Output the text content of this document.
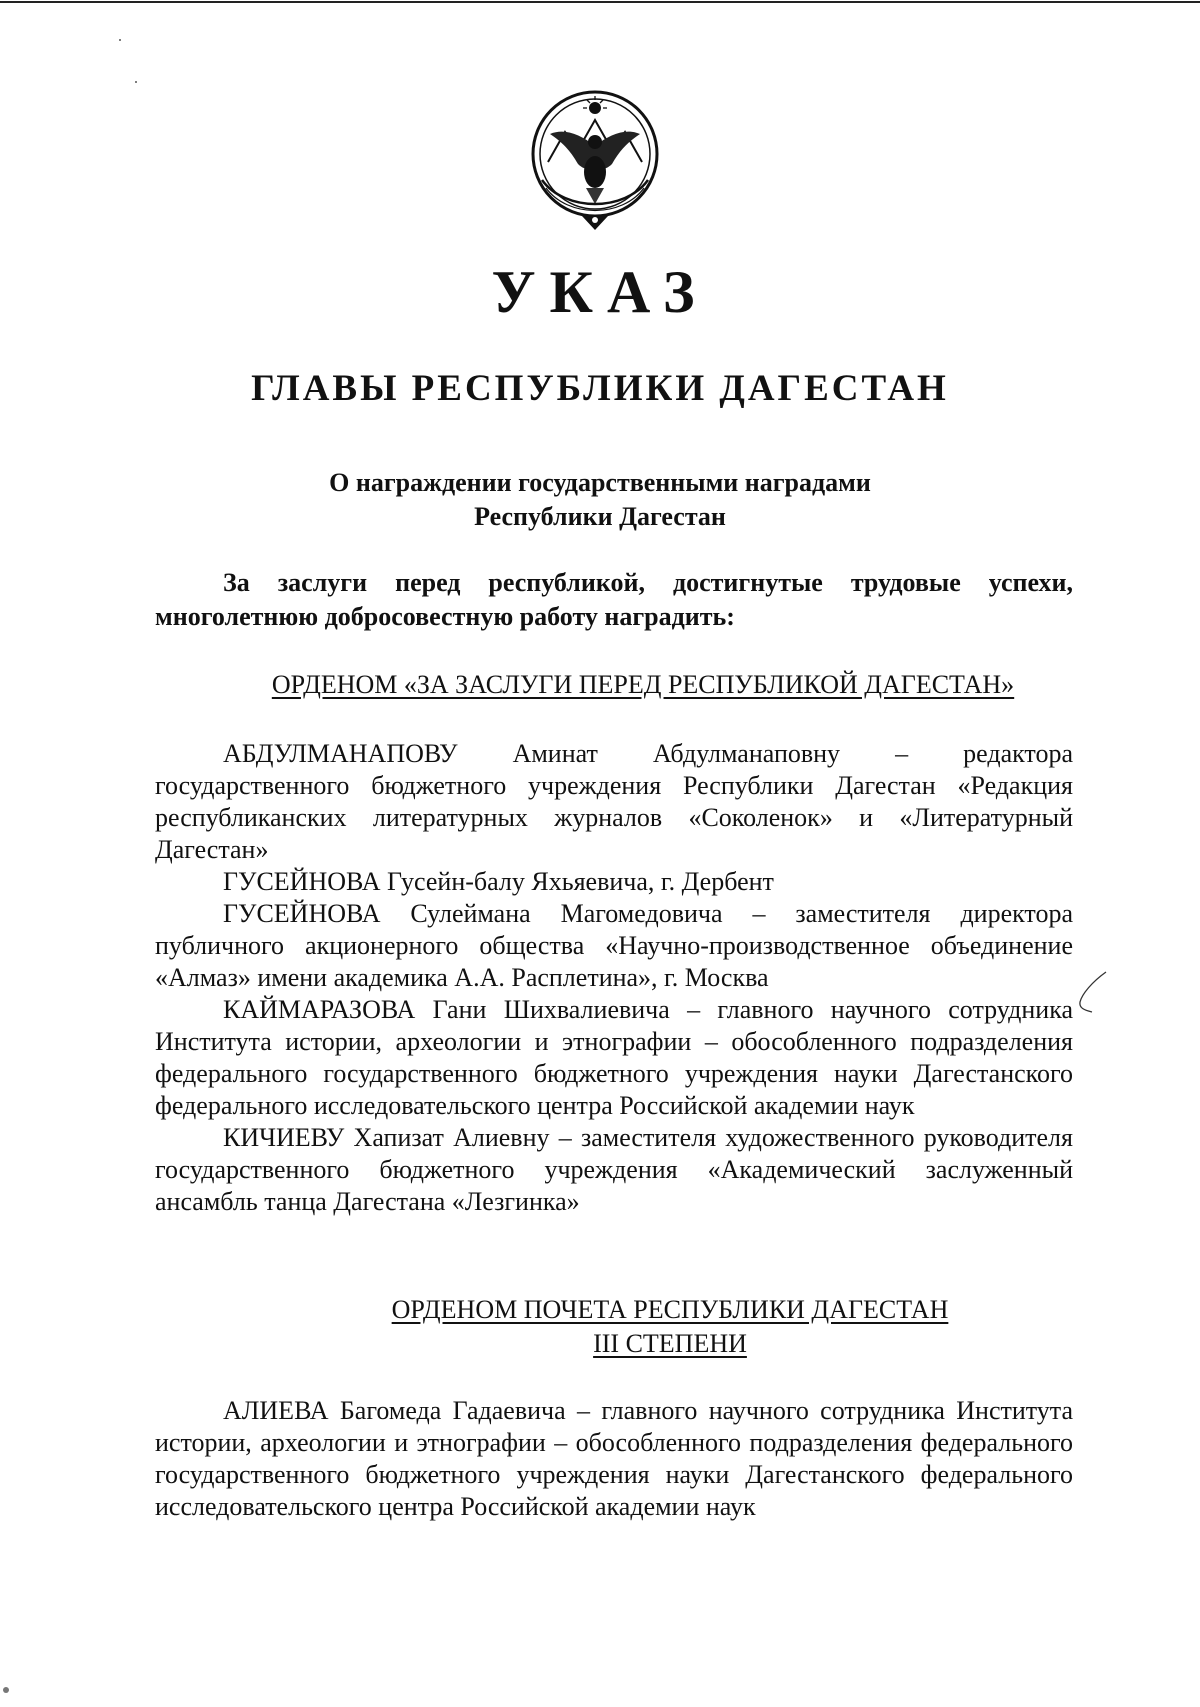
УКАЗ
ГЛАВЫ РЕСПУБЛИКИ ДАГЕСТАН
О награждении государственными наградами
Республики Дагестан
За заслуги перед республикой, достигнутые трудовые успехи, многолетнюю добросовестную работу наградить:
ОРДЕНОМ «ЗА ЗАСЛУГИ ПЕРЕД РЕСПУБЛИКОЙ ДАГЕСТАН»

АБДУЛМАНАПОВУ Аминат Абдулманаповну – редактора государственного бюджетного учреждения Республики Дагестан «Редакция республиканских литературных журналов «Соколенок» и «Литературный Дагестан»

ГУСЕЙНОВА Гусейн-балу Яхьяевича, г. Дербент

ГУСЕЙНОВА Сулеймана Магомедовича – заместителя директора публичного акционерного общества «Научно-производственное объединение «Алмаз» имени академика А.А. Расплетина», г. Москва

КАЙМАРАЗОВА Гани Шихвалиевича – главного научного сотрудника Института истории, археологии и этнографии – обособленного подразделения федерального государственного бюджетного учреждения науки Дагестанского федерального исследовательского центра Российской академии наук

КИЧИЕВУ Хапизат Алиевну – заместителя художественного руководителя государственного бюджетного учреждения «Академический заслуженный ансамбль танца Дагестана «Лезгинка»

ОРДЕНОМ ПОЧЕТА РЕСПУБЛИКИ ДАГЕСТАН
III СТЕПЕНИ

АЛИЕВА Багомеда Гадаевича – главного научного сотрудника Института истории, археологии и этнографии – обособленного подразделения федерального государственного бюджетного учреждения науки Дагестанского федерального исследовательского центра Российской академии наук
